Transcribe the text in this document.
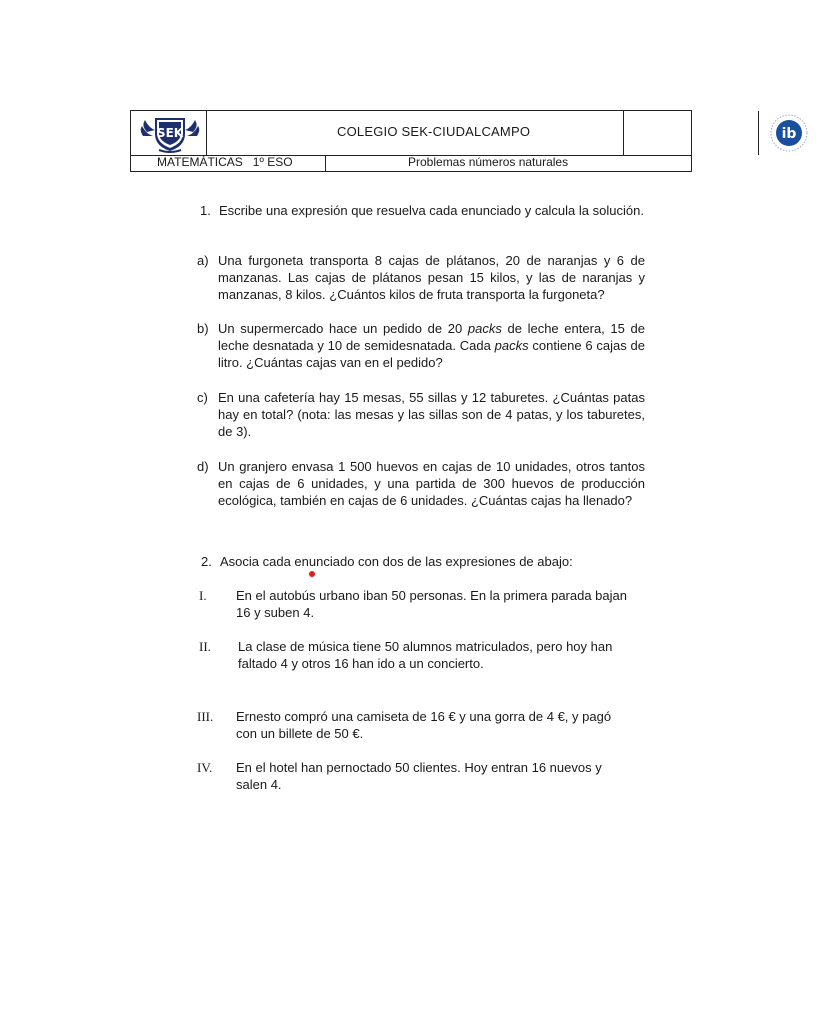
SEK	COLEGIO SEK-CIUDALCAMPO	ib
MATEMÁTICAS 1º ESO	Problemas números naturales
1. Escribe una expresión que resuelva cada enunciado y calcula la solución.

a) Una furgoneta transporta 8 cajas de plátanos, 20 de naranjas y 6 de manzanas. Las cajas de plátanos pesan 15 kilos, y las de naranjas y manzanas, 8 kilos. ¿Cuántos kilos de fruta transporta la furgoneta?

b) Un supermercado hace un pedido de 20 packs de leche entera, 15 de leche desnatada y 10 de semidesnatada. Cada packs contiene 6 cajas de litro. ¿Cuántas cajas van en el pedido?

c) En una cafetería hay 15 mesas, 55 sillas y 12 taburetes. ¿Cuántas patas hay en total? (nota: las mesas y las sillas son de 4 patas, y los taburetes, de 3).

d) Un granjero envasa 1 500 huevos en cajas de 10 unidades, otros tantos en cajas de 6 unidades, y una partida de 300 huevos de producción ecológica, también en cajas de 6 unidades. ¿Cuántas cajas ha llenado?

2. Asocia cada enunciado con dos de las expresiones de abajo:

I. En el autobús urbano iban 50 personas. En la primera parada bajan 16 y suben 4.

II. La clase de música tiene 50 alumnos matriculados, pero hoy han faltado 4 y otros 16 han ido a un concierto.

III. Ernesto compró una camiseta de 16 € y una gorra de 4 €, y pagó con un billete de 50 €.

IV. En el hotel han pernoctado 50 clientes. Hoy entran 16 nuevos y salen 4.
